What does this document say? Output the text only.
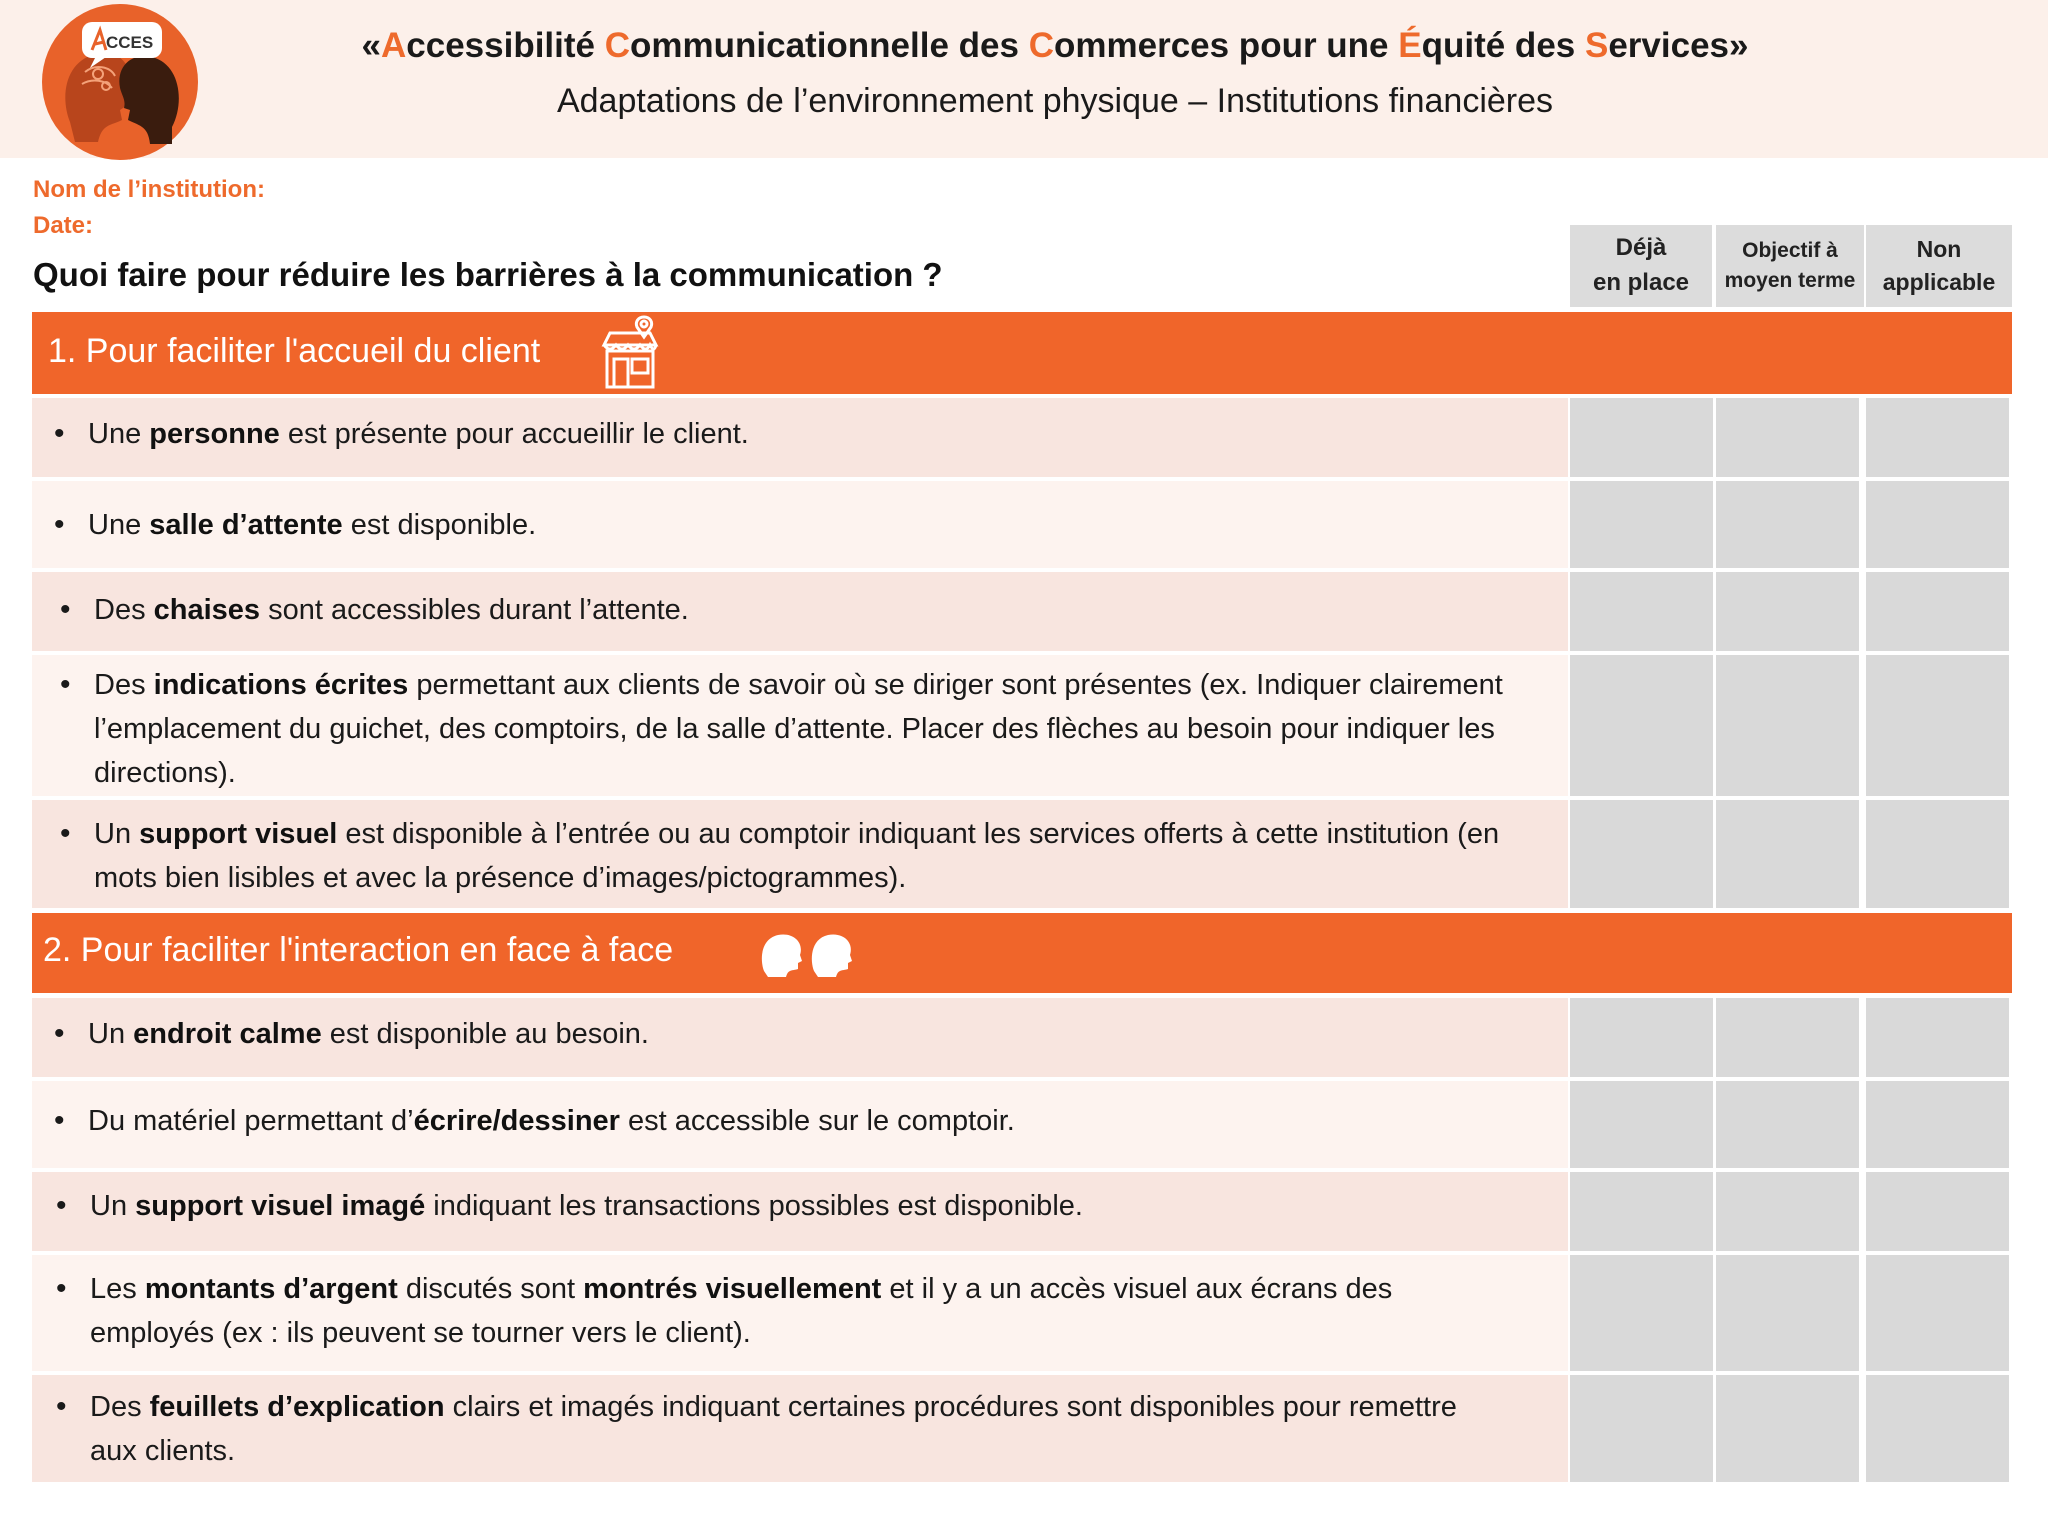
CCES	«Accessibilité Communicationnelle des Commerces pour une Équité des Services»
Adaptations de l’environnement physique – Institutions financières
Nom de l’institution:
Date:
Quoi faire pour réduire les barrières à la communication ?
Déjà
en place
Objectif à
moyen terme
Non
applicable
1. Pour faciliter l'accueil du client
• Une personne est présente pour accueillir le client.
• Une salle d’attente est disponible.
• Des chaises sont accessibles durant l’attente.
• Des indications écrites permettant aux clients de savoir où se diriger sont présentes (ex. Indiquer clairement l’emplacement du guichet, des comptoirs, de la salle d’attente. Placer des flèches au besoin pour indiquer les directions).
• Un support visuel est disponible à l’entrée ou au comptoir indiquant les services offerts à cette institution (en mots bien lisibles et avec la présence d’images/pictogrammes).
2. Pour faciliter l'interaction en face à face
• Un endroit calme est disponible au besoin.
• Du matériel permettant d’écrire/dessiner est accessible sur le comptoir.
• Un support visuel imagé indiquant les transactions possibles est disponible.
• Les montants d’argent discutés sont montrés visuellement et il y a un accès visuel aux écrans des employés (ex : ils peuvent se tourner vers le client).
• Des feuillets d’explication clairs et imagés indiquant certaines procédures sont disponibles pour remettre aux clients.
